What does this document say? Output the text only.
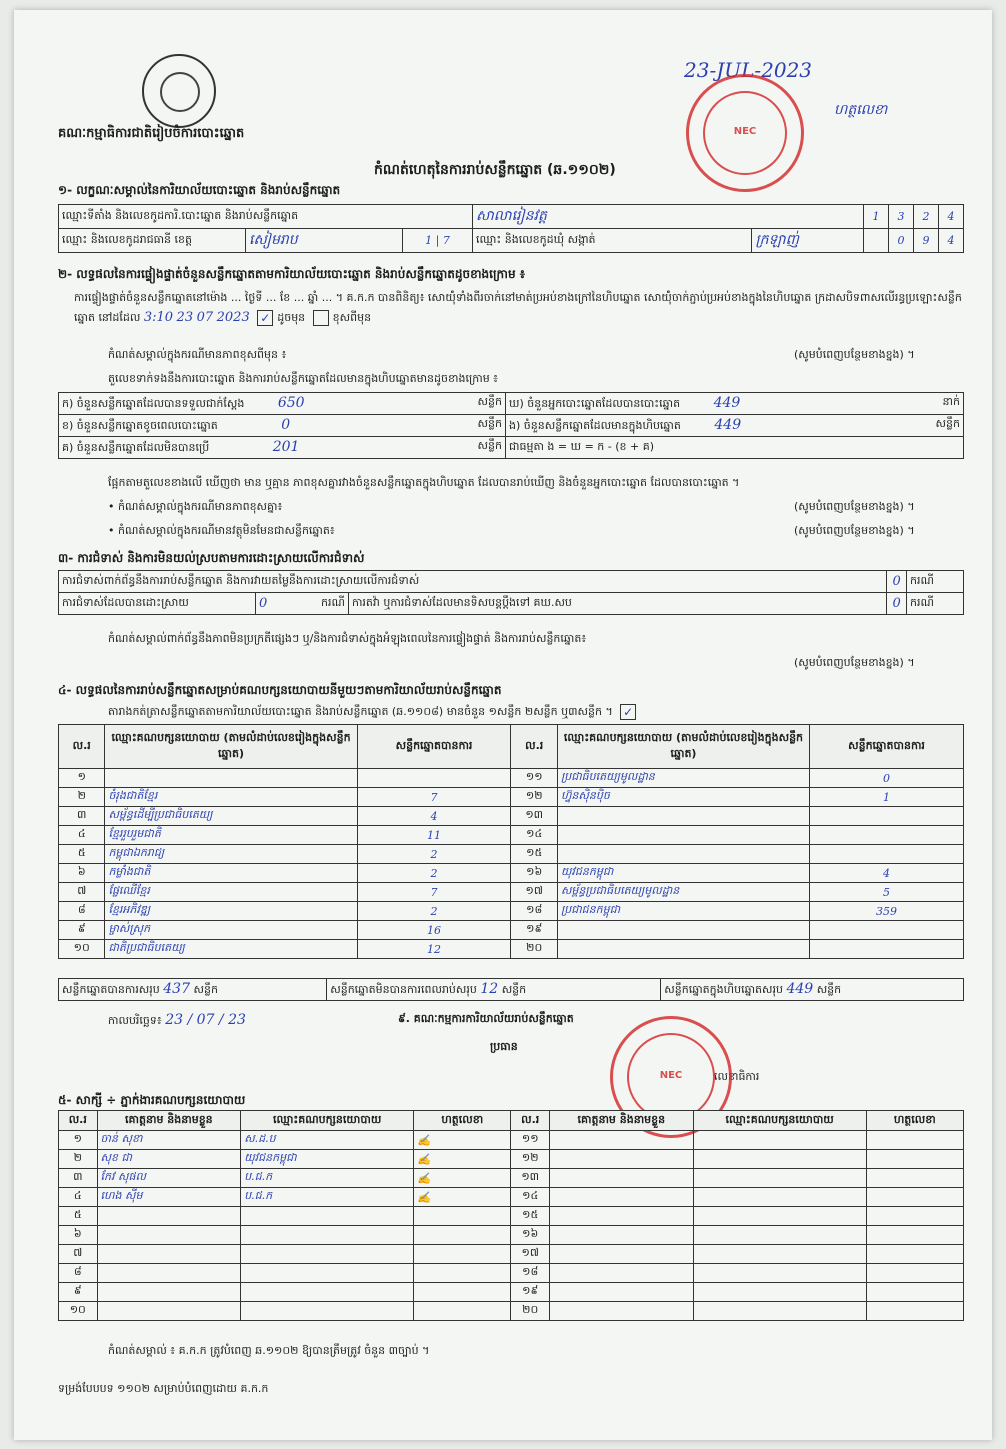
គណៈកម្មាធិការជាតិរៀបចំការបោះឆ្នោត
កំណត់ហេតុនៃការរាប់សន្លឹកឆ្នោត (ឆ.១១០២)
23-JUL-2023
ហត្ថលេខា
NEC
១- លក្ខណៈសម្គាល់នៃការិយាល័យបោះឆ្នោត និងរាប់សន្លឹកឆ្នោត
ឈ្មោះទីតាំង និងលេខកូដការិ.បោះឆ្នោត និងរាប់សន្លឹកឆ្នោត			សាលារៀនវត្ត		1	3	2	4
ឈ្មោះ និងលេខកូដរាជធានី ខេត្ត	សៀមរាប	1 | 7	ឈ្មោះ និងលេខកូដឃុំ សង្កាត់	ក្រឡាញ់		0	9	4
២- លទ្ធផលនៃការផ្ទៀងផ្ទាត់ចំនួនសន្លឹកឆ្នោតតាមការិយាល័យបោះឆ្នោត និងរាប់សន្លឹកឆ្នោតដូចខាងក្រោម ៖
ការផ្ទៀងផ្ទាត់ចំនួនសន្លឹកឆ្នោតនៅម៉ោង ... ថ្ងៃទី ... ខែ ... ឆ្នាំ ... ។ គ.ក.ក បានពិនិត្យ៖ សោយ៉ុំទាំងពីរចាក់នៅមាត់ប្រអប់ខាងក្រៅនៃហិបឆ្នោត សោយ៉ុំចាក់ភ្ជាប់ប្រអប់ខាងក្នុងនៃហិបឆ្នោត ក្រដាសបិទពាសលើរន្ធប្រឡោះសន្លឹកឆ្នោត នៅដដែល 3:10 23 07 2023 ✓ ដូចមុន	ខុសពីមុន
កំណត់សម្គាល់ក្នុងករណីមានភាពខុសពីមុន ៖	(សូមបំពេញបន្ថែមខាងខ្នង) ។
តួលេខទាក់ទងនឹងការបោះឆ្នោត និងការរាប់សន្លឹកឆ្នោតដែលមានក្នុងហិបឆ្នោតមានដូចខាងក្រោម ៖
ក) ចំនួនសន្លឹកឆ្នោតដែលបានទទួលជាក់ស្តែង 650 សន្លឹក	ឃ) ចំនួនអ្នកបោះឆ្នោតដែលបានបោះឆ្នោត 449 នាក់

ខ) ចំនួនសន្លឹកឆ្នោតខូចពេលបោះឆ្នោត 0 សន្លឹក	ង) ចំនួនសន្លឹកឆ្នោតដែលមានក្នុងហិបឆ្នោត 449 សន្លឹក

គ) ចំនួនសន្លឹកឆ្នោតដែលមិនបានប្រើ 201 សន្លឹក	ជាធម្មតា ង = ឃ = ក - (ខ + គ)
ផ្អែកតាមតួលេខខាងលើ ឃើញថា មាន ឬគ្មាន ភាពខុសគ្នារវាងចំនួនសន្លឹកឆ្នោតក្នុងហិបឆ្នោត ដែលបានរាប់ឃើញ និងចំនួនអ្នកបោះឆ្នោត ដែលបានបោះឆ្នោត ។
• កំណត់សម្គាល់ក្នុងករណីមានភាពខុសគ្នា៖	(សូមបំពេញបន្ថែមខាងខ្នង) ។
• កំណត់សម្គាល់ក្នុងករណីមានវត្ថុមិនមែនជាសន្លឹកឆ្នោត៖	(សូមបំពេញបន្ថែមខាងខ្នង) ។
៣- ការជំទាស់ និងការមិនយល់ស្របតាមការដោះស្រាយលើការជំទាស់
ការជំទាស់ពាក់ព័ន្ធនឹងការរាប់សន្លឹកឆ្នោត និងការវាយតម្លៃនឹងការដោះស្រាយលើការជំទាស់			0	ករណី
ការជំទាស់ដែលបានដោះស្រាយ	0 ករណី	ការតវ៉ា ឬការជំទាស់ដែលមានទិសបន្តប្តឹងទៅ គឃ.សប	0	ករណី
កំណត់សម្គាល់ពាក់ព័ន្ធនឹងភាពមិនប្រក្រតីផ្សេងៗ ឬ/និងការជំទាស់ក្នុងអំឡុងពេលនៃការផ្ទៀងផ្ទាត់ និងការរាប់សន្លឹកឆ្នោត៖
(សូមបំពេញបន្ថែមខាងខ្នង) ។
៤- លទ្ធផលនៃការរាប់សន្លឹកឆ្នោតសម្រាប់គណបក្សនយោបាយនីមួយៗតាមការិយាល័យរាប់សន្លឹកឆ្នោត
តារាងកត់ត្រាសន្លឹកឆ្នោតតាមការិយាល័យបោះឆ្នោត និងរាប់សន្លឹកឆ្នោត (ឆ.១១០៨) មានចំនួន ១សន្លឹក ២សន្លឹក ឬ៣សន្លឹក ។ ✓
ល.រ	ឈ្មោះគណបក្សនយោបាយ (តាមលំដាប់លេខរៀងក្នុងសន្លឹកឆ្នោត)	សន្លឹកឆ្នោតបានការ	ល.រ	ឈ្មោះគណបក្សនយោបាយ (តាមលំដាប់លេខរៀងក្នុងសន្លឹកឆ្នោត)	សន្លឹកឆ្នោតបានការ
១			១១	ប្រជាធិបតេយ្យមូលដ្ឋាន	0
២	ចំរុងជាតិខ្មែរ	7	១២	ហ្វ៊ុនស៊ិនប៉ិច	1
៣	សម្ព័ន្ធដើម្បីប្រជាធិបតេយ្យ	4	១៣		
៤	ខ្មែររួបរួមជាតិ	11	១៤		
៥	កម្ពុជាឯករាជ្យ	2	១៥		
៦	កម្លាំងជាតិ	2	១៦	យុវជនកម្ពុជា	4
៧	ផ្លែឈើខ្មែរ	7	១៧	សម្ព័ន្ធប្រជាធិបតេយ្យមូលដ្ឋាន	5
៨	ខ្មែរអភិវឌ្ឍ	2	១៨	ប្រជាជនកម្ពុជា	359
៩	ម្ចាស់ស្រុក	16	១៩		
១០	ជាតិប្រជាធិបតេយ្យ	12	២០		
សន្លឹកឆ្នោតបានការសរុប 437 សន្លឹក	សន្លឹកឆ្នោតមិនបានការពេលរាប់សរុប 12 សន្លឹក	សន្លឹកឆ្នោតក្នុងហិបឆ្នោតសរុប 449 សន្លឹក
កាលបរិច្ឆេទ៖ 23 / 07 / 23	៩. គណៈកម្មការការិយាល័យរាប់សន្លឹកឆ្នោត
ប្រធាន
លេខាធិការ
NEC
៥- សាក្សី ÷ ភ្នាក់ងារគណបក្សនយោបាយ
ល.រ	គោត្តនាម និងនាមខ្លួន	ឈ្មោះគណបក្សនយោបាយ	ហត្ថលេខា	ល.រ	គោត្តនាម និងនាមខ្លួន	ឈ្មោះគណបក្សនយោបាយ	ហត្ថលេខា
១	ចាន់ សុខា	ស.ដ.ប	✍	១១			
២	សុខ ជា	យុវជនកម្ពុជា	✍	១២			
៣	កែវ សុផល	ប.ជ.ក	✍	១៣			
៤	ហេង ស៊ីម	ប.ជ.ក	✍	១៤			
៥				១៥			
៦				១៦			
៧				១៧			
៨				១៨			
៩				១៩			
១០				២០			
កំណត់សម្គាល់ ៖ គ.ក.ក ត្រូវបំពេញ ឆ.១១០២ ឱ្យបានត្រឹមត្រូវ ចំនួន ៣ច្បាប់ ។
ទម្រង់បែបបទ ១១០២ សម្រាប់បំពេញដោយ គ.ក.ក
